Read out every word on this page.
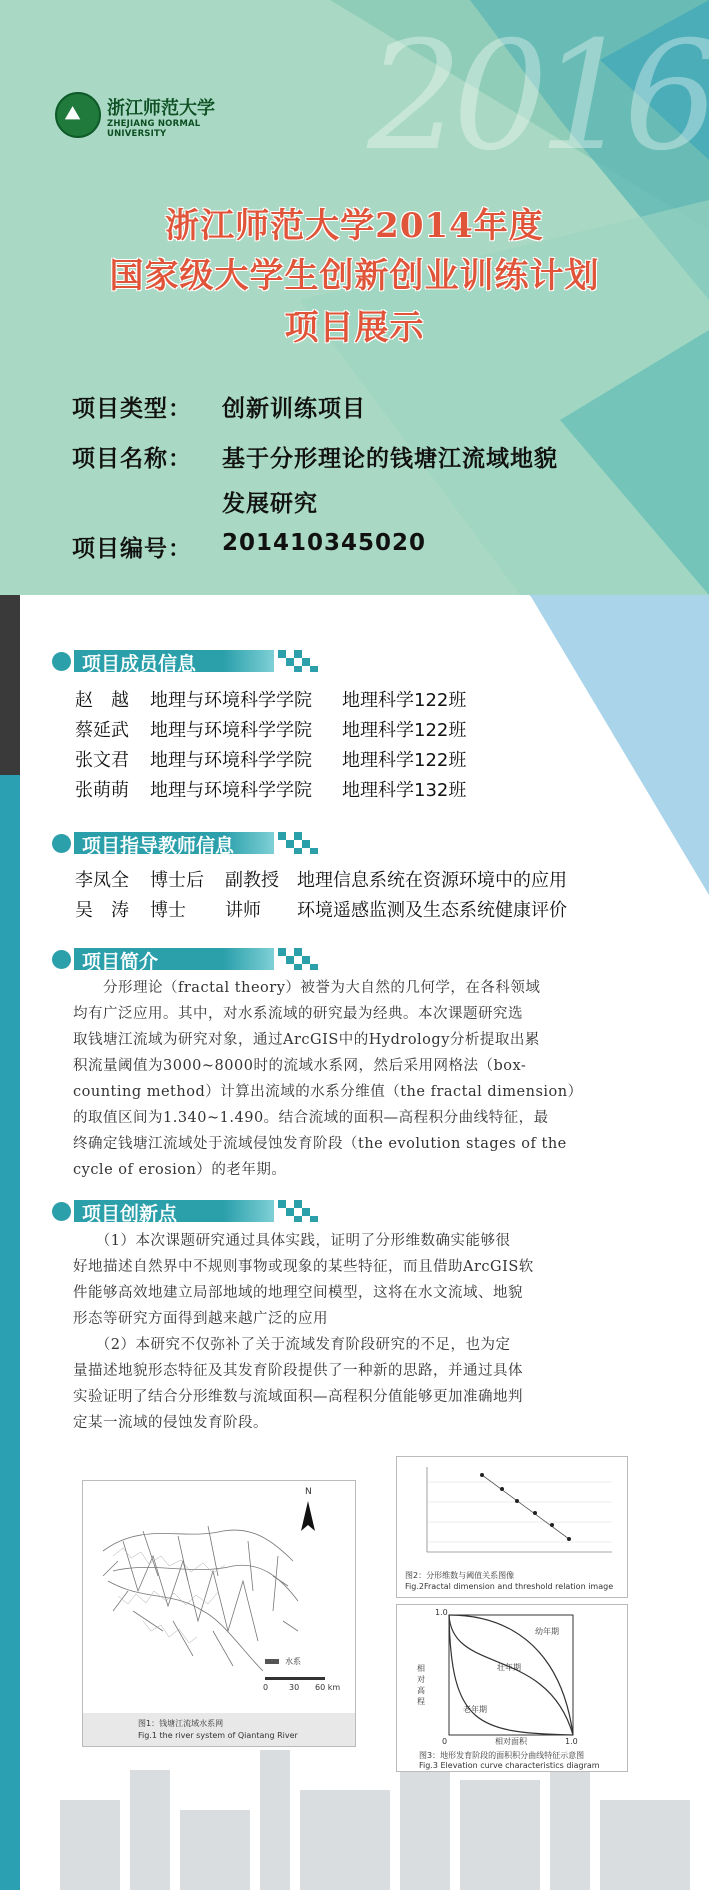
2016
⛰ 浙江师范大学
ZHEJIANG NORMAL UNIVERSITY
浙江师范大学2014年度
国家级大学生创新创业训练计划
项目展示
项目类型： 创新训练项目
项目名称： 基于分形理论的钱塘江流域地貌
发展研究
项目编号： 201410345020
项目成员信息
赵　越 地理与环境科学学院 地理科学122班
蔡延武 地理与环境科学学院 地理科学122班
张文君 地理与环境科学学院 地理科学122班
张萌萌 地理与环境科学学院 地理科学132班
项目指导教师信息
李凤全 博士后 副教授 地理信息系统在资源环境中的应用
吴　涛 博士 讲师 环境遥感监测及生态系统健康评价
项目简介
　　分形理论（fractal theory）被誉为大自然的几何学，在各科领域
均有广泛应用。其中，对水系流域的研究最为经典。本次课题研究选
取钱塘江流域为研究对象，通过ArcGIS中的Hydrology分析提取出累
积流量阈值为3000~8000时的流域水系网，然后采用网格法（box-
counting method）计算出流域的水系分维值（the fractal dimension）
的取值区间为1.340~1.490。结合流域的面积—高程积分曲线特征，最
终确定钱塘江流域处于流域侵蚀发育阶段（the evolution stages of the
cycle of erosion）的老年期。
项目创新点
　　（1）本次课题研究通过具体实践，证明了分形维数确实能够很
好地描述自然界中不规则事物或现象的某些特征，而且借助ArcGIS软
件能够高效地建立局部地域的地理空间模型，这将在水文流域、地貌
形态等研究方面得到越来越广泛的应用
　　（2）本研究不仅弥补了关于流域发育阶段研究的不足，也为定
量描述地貌形态特征及其发育阶段提供了一种新的思路，并通过具体
实验证明了结合分形维数与流域面积—高程积分值能够更加准确地判
定某一流域的侵蚀发育阶段。
N
水系
0	30 60 km
图1：钱塘江流域水系网
Fig.1 the river system of Qiantang River
图2：分形维数与阈值关系图像
Fig.2Fractal dimension and threshold relation image
1.0
相对高程
0	相对面积	1.0
幼年期
壮年期
老年期
图3：地形发育阶段的面积积分曲线特征示意图
Fig.3 Elevation curve characteristics diagram
